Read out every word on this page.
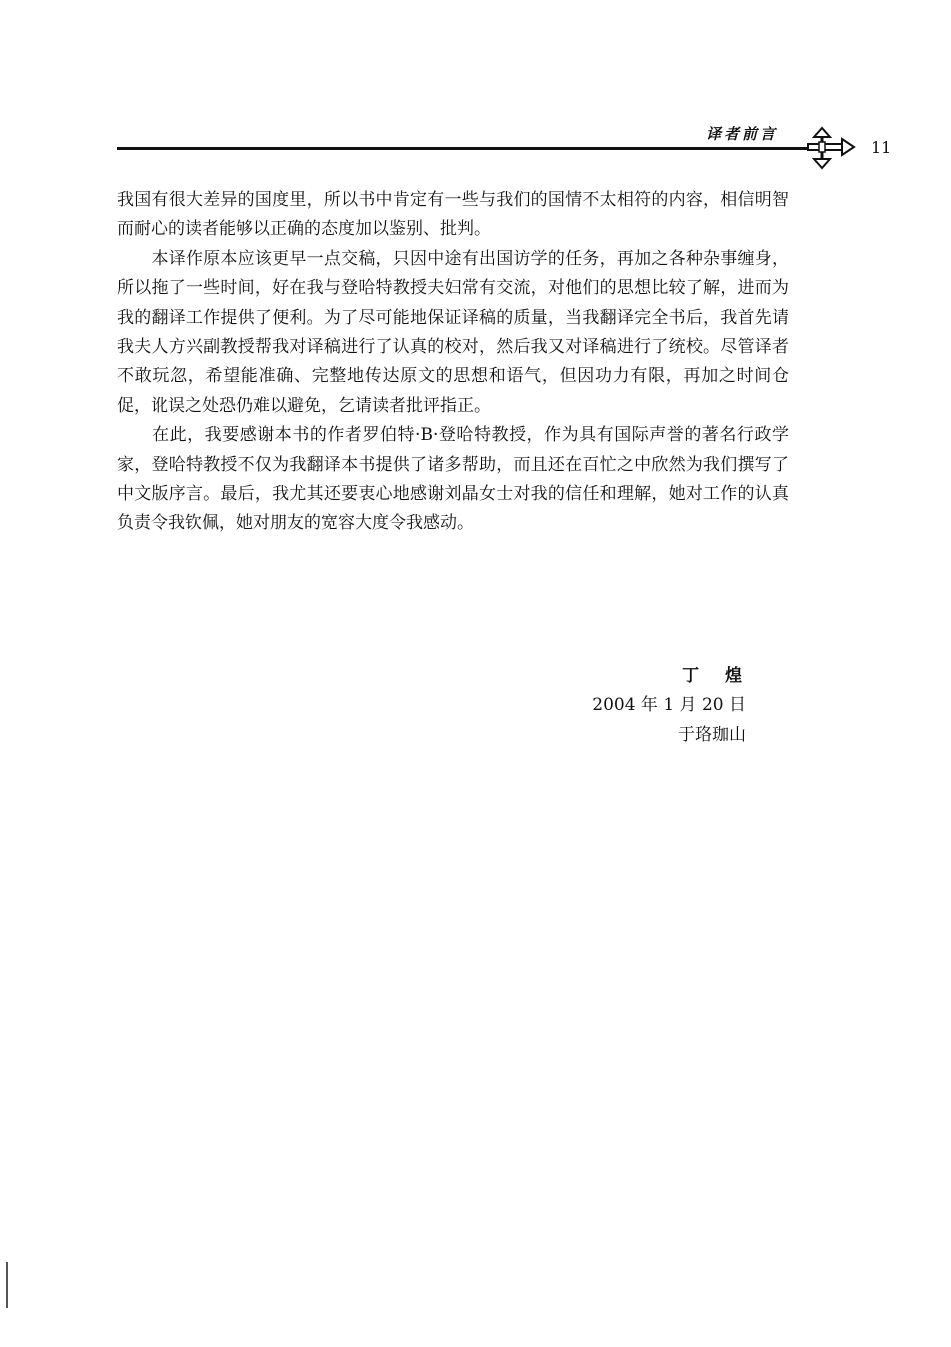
译者前言
11

我国有很大差异的国度里，所以书中肯定有一些与我们的国情不太相符的内容，相信明智而耐心的读者能够以正确的态度加以鉴别、批判。

　　本译作原本应该更早一点交稿，只因中途有出国访学的任务，再加之各种杂事缠身，所以拖了一些时间，好在我与登哈特教授夫妇常有交流，对他们的思想比较了解，进而为我的翻译工作提供了便利。为了尽可能地保证译稿的质量，当我翻译完全书后，我首先请我夫人方兴副教授帮我对译稿进行了认真的校对，然后我又对译稿进行了统校。尽管译者不敢玩忽，希望能准确、完整地传达原文的思想和语气，但因功力有限，再加之时间仓促，讹误之处恐仍难以避免，乞请读者批评指正。

　　在此，我要感谢本书的作者罗伯特·B·登哈特教授，作为具有国际声誉的著名行政学家，登哈特教授不仅为我翻译本书提供了诸多帮助，而且还在百忙之中欣然为我们撰写了中文版序言。最后，我尤其还要衷心地感谢刘晶女士对我的信任和理解，她对工作的认真负责令我钦佩，她对朋友的宽容大度令我感动。

丁 煌
2004 年 1 月 20 日
于珞珈山
